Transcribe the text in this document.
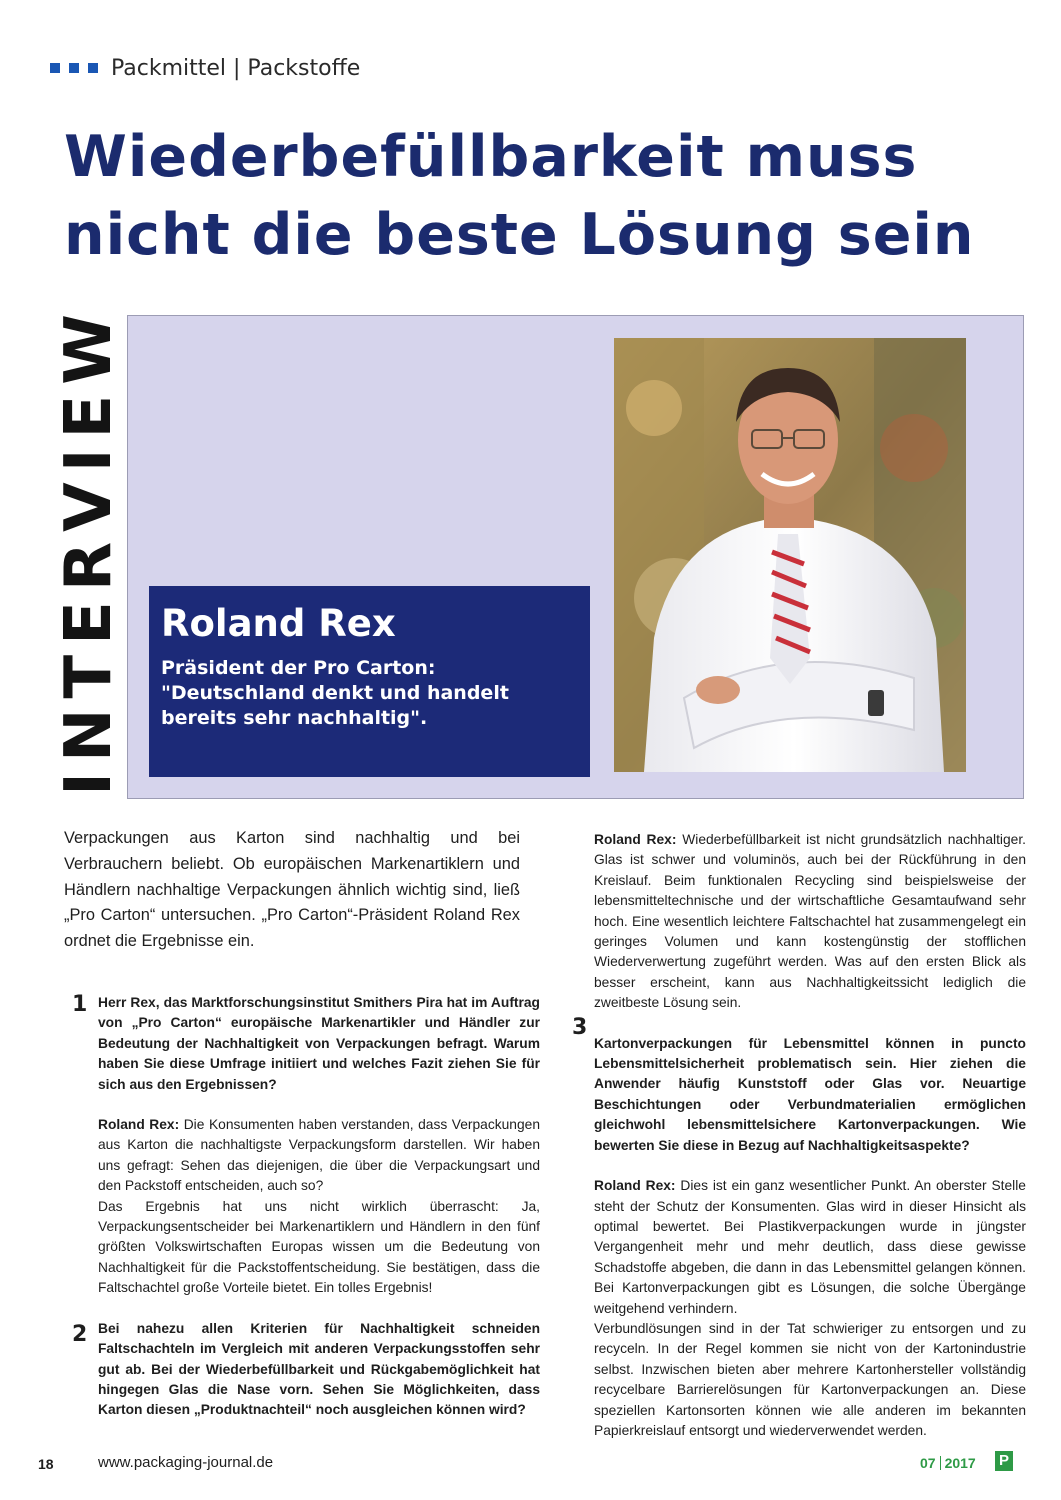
Packmittel | Packstoffe
Wiederbefüllbarkeit muss nicht die beste Lösung sein
INTERVIEW Roland Rex
Präsident der Pro Carton: "Deutschland denkt und handelt bereits sehr nachhaltig".

Verpackungen aus Karton sind nachhaltig und bei Verbrauchern beliebt. Ob europäischen Markenartiklern und Händlern nachhaltige Verpackungen ähnlich wichtig sind, ließ „Pro Carton“ untersuchen. „Pro Carton“-Präsident Roland Rex ordnet die Ergebnisse ein.

1
2
3

Herr Rex, das Marktforschungsinstitut Smithers Pira hat im Auftrag von „Pro Carton“ europäische Markenartikler und Händler zur Bedeutung der Nachhaltigkeit von Verpackungen befragt. Warum haben Sie diese Umfrage initiiert und welches Fazit ziehen Sie für sich aus den Ergebnissen?

Roland Rex: Die Konsumenten haben verstanden, dass Verpackungen aus Karton die nachhaltigste Verpackungsform darstellen. Wir haben uns gefragt: Sehen das diejenigen, die über die Verpackungsart und den Packstoff entscheiden, auch so?

Das Ergebnis hat uns nicht wirklich überrascht: Ja, Verpackungsentscheider bei Markenartiklern und Händlern in den fünf größten Volkswirtschaften Europas wissen um die Bedeutung von Nachhaltigkeit für die Packstoffentscheidung. Sie bestätigen, dass die Faltschachtel große Vorteile bietet. Ein tolles Ergebnis!

Bei nahezu allen Kriterien für Nachhaltigkeit schneiden Faltschachteln im Vergleich mit anderen Verpackungsstoffen sehr gut ab. Bei der Wiederbefüllbarkeit und Rückgabemöglichkeit hat hingegen Glas die Nase vorn. Sehen Sie Möglichkeiten, dass Karton diesen „Produktnachteil“ noch ausgleichen können wird?

Roland Rex: Wiederbefüllbarkeit ist nicht grundsätzlich nachhaltiger. Glas ist schwer und voluminös, auch bei der Rückführung in den Kreislauf. Beim funktionalen Recycling sind beispielsweise der lebensmitteltechnische und der wirtschaftliche Gesamtaufwand sehr hoch. Eine wesentlich leichtere Faltschachtel hat zusammengelegt ein geringes Volumen und kann kostengünstig der stofflichen Wiederverwertung zugeführt werden. Was auf den ersten Blick als besser erscheint, kann aus Nachhaltigkeitssicht lediglich die zweitbeste Lösung sein.

Kartonverpackungen für Lebensmittel können in puncto Lebensmittelsicherheit problematisch sein. Hier ziehen die Anwender häufig Kunststoff oder Glas vor. Neuartige Beschichtungen oder Verbundmaterialien ermöglichen gleichwohl lebensmittelsichere Kartonverpackungen. Wie bewerten Sie diese in Bezug auf Nachhaltigkeitsaspekte?

Roland Rex: Dies ist ein ganz wesentlicher Punkt. An oberster Stelle steht der Schutz der Konsumenten. Glas wird in dieser Hinsicht als optimal bewertet. Bei Plastikverpackungen wurde in jüngster Vergangenheit mehr und mehr deutlich, dass diese gewisse Schadstoffe abgeben, die dann in das Lebensmittel gelangen können. Bei Kartonverpackungen gibt es Lösungen, die solche Übergänge weitgehend verhindern.

Verbundlösungen sind in der Tat schwieriger zu entsorgen und zu recyceln. In der Regel kommen sie nicht von der Kartonindustrie selbst. Inzwischen bieten aber mehrere Kartonhersteller vollständig recycelbare Barrierelösungen für Kartonverpackungen an. Diese speziellen Kartonsorten können wie alle anderen im bekannten Papierkreislauf entsorgt und wiederverwendet werden.

18	www.packaging-journal.de	07 2017 P
